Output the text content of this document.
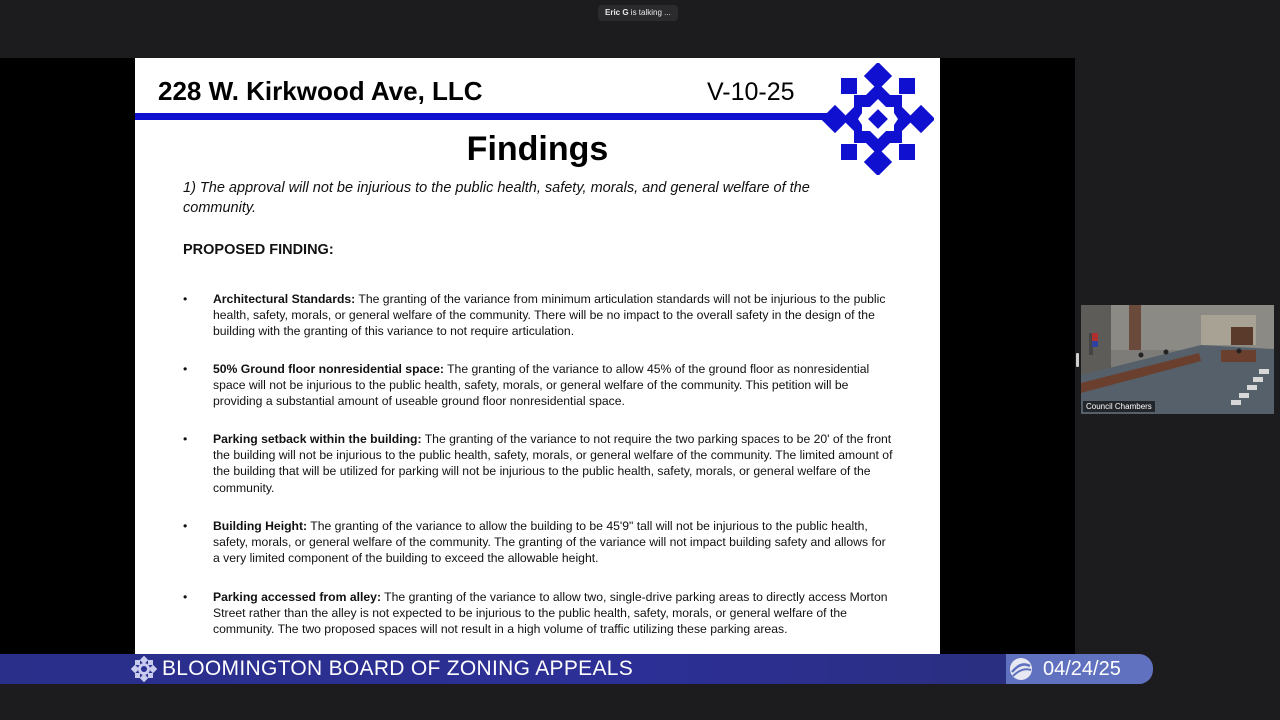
Eric G is talking ...
228 W. Kirkwood Ave, LLC	V-10-25
Findings
1) The approval will not be injurious to the public health, safety, morals, and general welfare of the community.
PROPOSED FINDING:
•	Architectural Standards: The granting of the variance from minimum articulation standards will not be injurious to the public health, safety, morals, or general welfare of the community. There will be no impact to the overall safety in the design of the building with the granting of this variance to not require articulation.
•	50% Ground floor nonresidential space: The granting of the variance to allow 45% of the ground floor as nonresidential space will not be injurious to the public health, safety, morals, or general welfare of the community. This petition will be providing a substantial amount of useable ground floor nonresidential space.
•	Parking setback within the building: The granting of the variance to not require the two parking spaces to be 20' of the front the building will not be injurious to the public health, safety, morals, or general welfare of the community. The limited amount of the building that will be utilized for parking will not be injurious to the public health, safety, morals, or general welfare of the community.
•	Building Height: The granting of the variance to allow the building to be 45'9" tall will not be injurious to the public health, safety, morals, or general welfare of the community. The granting of the variance will not impact building safety and allows for a very limited component of the building to exceed the allowable height.
•	Parking accessed from alley: The granting of the variance to allow two, single-drive parking areas to directly access Morton Street rather than the alley is not expected to be injurious to the public health, safety, morals, or general welfare of the community. The two proposed spaces will not result in a high volume of traffic utilizing these parking areas.
Council Chambers
BLOOMINGTON BOARD OF ZONING APPEALS	04/24/25
